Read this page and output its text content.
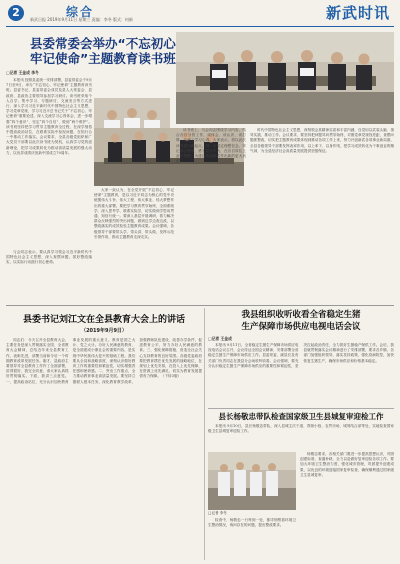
2	综合
新武日报 2019年9月11日 星期三 责编：李冬 版式：何新	新武时讯
县委常委会举办“不忘初心
牢记使命”主题教育读书班
□记者 王金成 李冬

本报讯 按照县委统一安排部署，县委常委会于9月7日至9日，举办“不忘初心、牢记使命”主题教育读书班。县委书记、县委常委会成员及县人大常委会、县政府、县政协主要领导参加学习研讨。读书班采取个人自学、集中学习、专题研讨、交流发言等方式进行，深入学习习近平新时代中国特色社会主义思想，学习党章党规，学习习近平总书记关于“不忘初心、牢记使命”重要论述，深入交流学习心得体会，进一步增强“四个意识”、坚定“四个自信”、做到“两个维护”。读书班坚持把学习贯穿主题教育全过程，在深学细悟中提高政治站位，在联系实际中检视问题，在知行合一中推动工作落实。会议要求，全县各级党组织和广大党员干部要以此次读书班为契机，认真学习党的创新理论，把学习成果转化为推动高质量发展的强大动力，以优异成绩庆祝新中国成立70周年。

大家一致认为，在全党开展“不忘初心、牢记使命”主题教育，是以习近平同志为核心的党中央统揽伟大斗争、伟大工程、伟大事业、伟大梦想作出的重大部署。要把学习教育贯穿始终，全面系统学、深入思考学、联系实际学，切实做到学思用贯通、知信行统一。要深入基层开展调研，着力解决群众反映强烈的突出问题，做到边学边查边改，以整改落实的成效检验主题教育成果。会议强调，各级领导干部要带头学、带头讲、带头做，发挥示范引领作用，推动主题教育走深走实。

读书班上，与会同志围绕学习内容，结合各自分管工作，谈体会、谈认识、谈打算，交流了学习心得。大家表示，将以此次读书班为新起点，进一步坚定理想信念，牢记初心使命，勇于担当作为，在各自岗位上奋力拼搏，为建设美丽新武作出新的更大贡献。

时代中国特色社会主义思想，深刻领会其精神实质和丰富内涵，自觉用以武装头脑、指导实践、推动工作。会议要求，要坚持把问题导向贯穿始终，对照党章党规找差距，查摆问题抓整改，切实把主题教育成果体现到推动各项工作上来，努力开创新武各项事业新局面。全县各级领导干部要发挥表率作用，以上率下、以身作则，把学习成效转化为干事创业的精气神，为全县经济社会高质量发展提供坚强保证。

与会同志表示，要认真学习领会习近平新时代中国特色社会主义思想，深入查摆问题，抓好整改落实，以实际行动践行初心使命。

县委书记刘江文在全县教育大会上的讲话
（2019年9月9日）

同志们：今天召开全县教育大会，主要任务是深入贯彻落实全国、全省教育大会精神，总结近年来全县教育工作，表彰先进，部署当前和今后一个时期教育改革发展任务。刚才，县政府主要领导对全县教育工作作了全面部署，讲得很好，我完全同意，请大家认真抓好贯彻落实。下面，我讲三点意见。一、提高政治站位，充分认识加快教育事业发展的重大意义。教育是国之大计、党之大计。办好人民满意的教育，是全面建成小康社会的重要内容，是实现中华民族伟大复兴的基础工程。我们要从全局和战略高度，深刻认识做好教育工作的重要性和紧迫性，切实增强责任感和使命感。二、突出工作重点，全力推动教育事业高质量发展。要坚持立德树人根本任务，深化教育教学改革，加强教师队伍建设，改善办学条件，促进教育公平，努力办好人民满意的教育。三、强化保障措施，营造全社会关心支持教育的良好氛围。各级党委政府要把教育摆在优先发展的战略地位，在规划上优先安排，在投入上优先保障，在资源上优先满足，切实为教育发展提供有力保障。（下转3版）

我县组织收听收看全省稳定生猪
生产保障市场供应电视电话会议
□记者 王金成

本报讯 9月11日，全省稳定生猪生产保障市场供应电视电话会议召开，会议传达全国会议精神，安排部署全省稳定生猪生产保障市场供应工作。县委常委、副县长及有关部门负责同志在我县分会场收听收看。会议强调，要充分认识稳定生猪生产保障市场供应的重要性和紧迫性，坚决扛起政治责任，全力抓好生猪稳产保供工作。会后，我县就贯彻落实会议精神进行了安排部署，要求各乡镇、各部门加强组织领导，落实扶持政策，强化疫病防控，加快恢复生猪生产，确保市场供应和价格基本稳定。

县长杨敬忠带队检查国家级卫生县城复审迎检工作

本报讯 9月10日，县长杨敬忠带队，深入县城主次干道、背街小巷、农贸市场、城郊结合部等处，实地检查国家级卫生县城复审迎检工作。

□记者 李冬

杨敬忠要求，各相关部门要进一步提高思想认识，对照创建标准，查漏补缺，全力以赴做好复审迎检各项工作。要加大环境卫生整治力度，强化城市管理，巩固提升创建成果，以优良的环境迎接国家复审检查，确保顺利通过国家级卫生县城复审。

检查中，杨敬忠一行每到一处，都详细察看环境卫生整治情况，询问存在的问题，提出整改要求。
